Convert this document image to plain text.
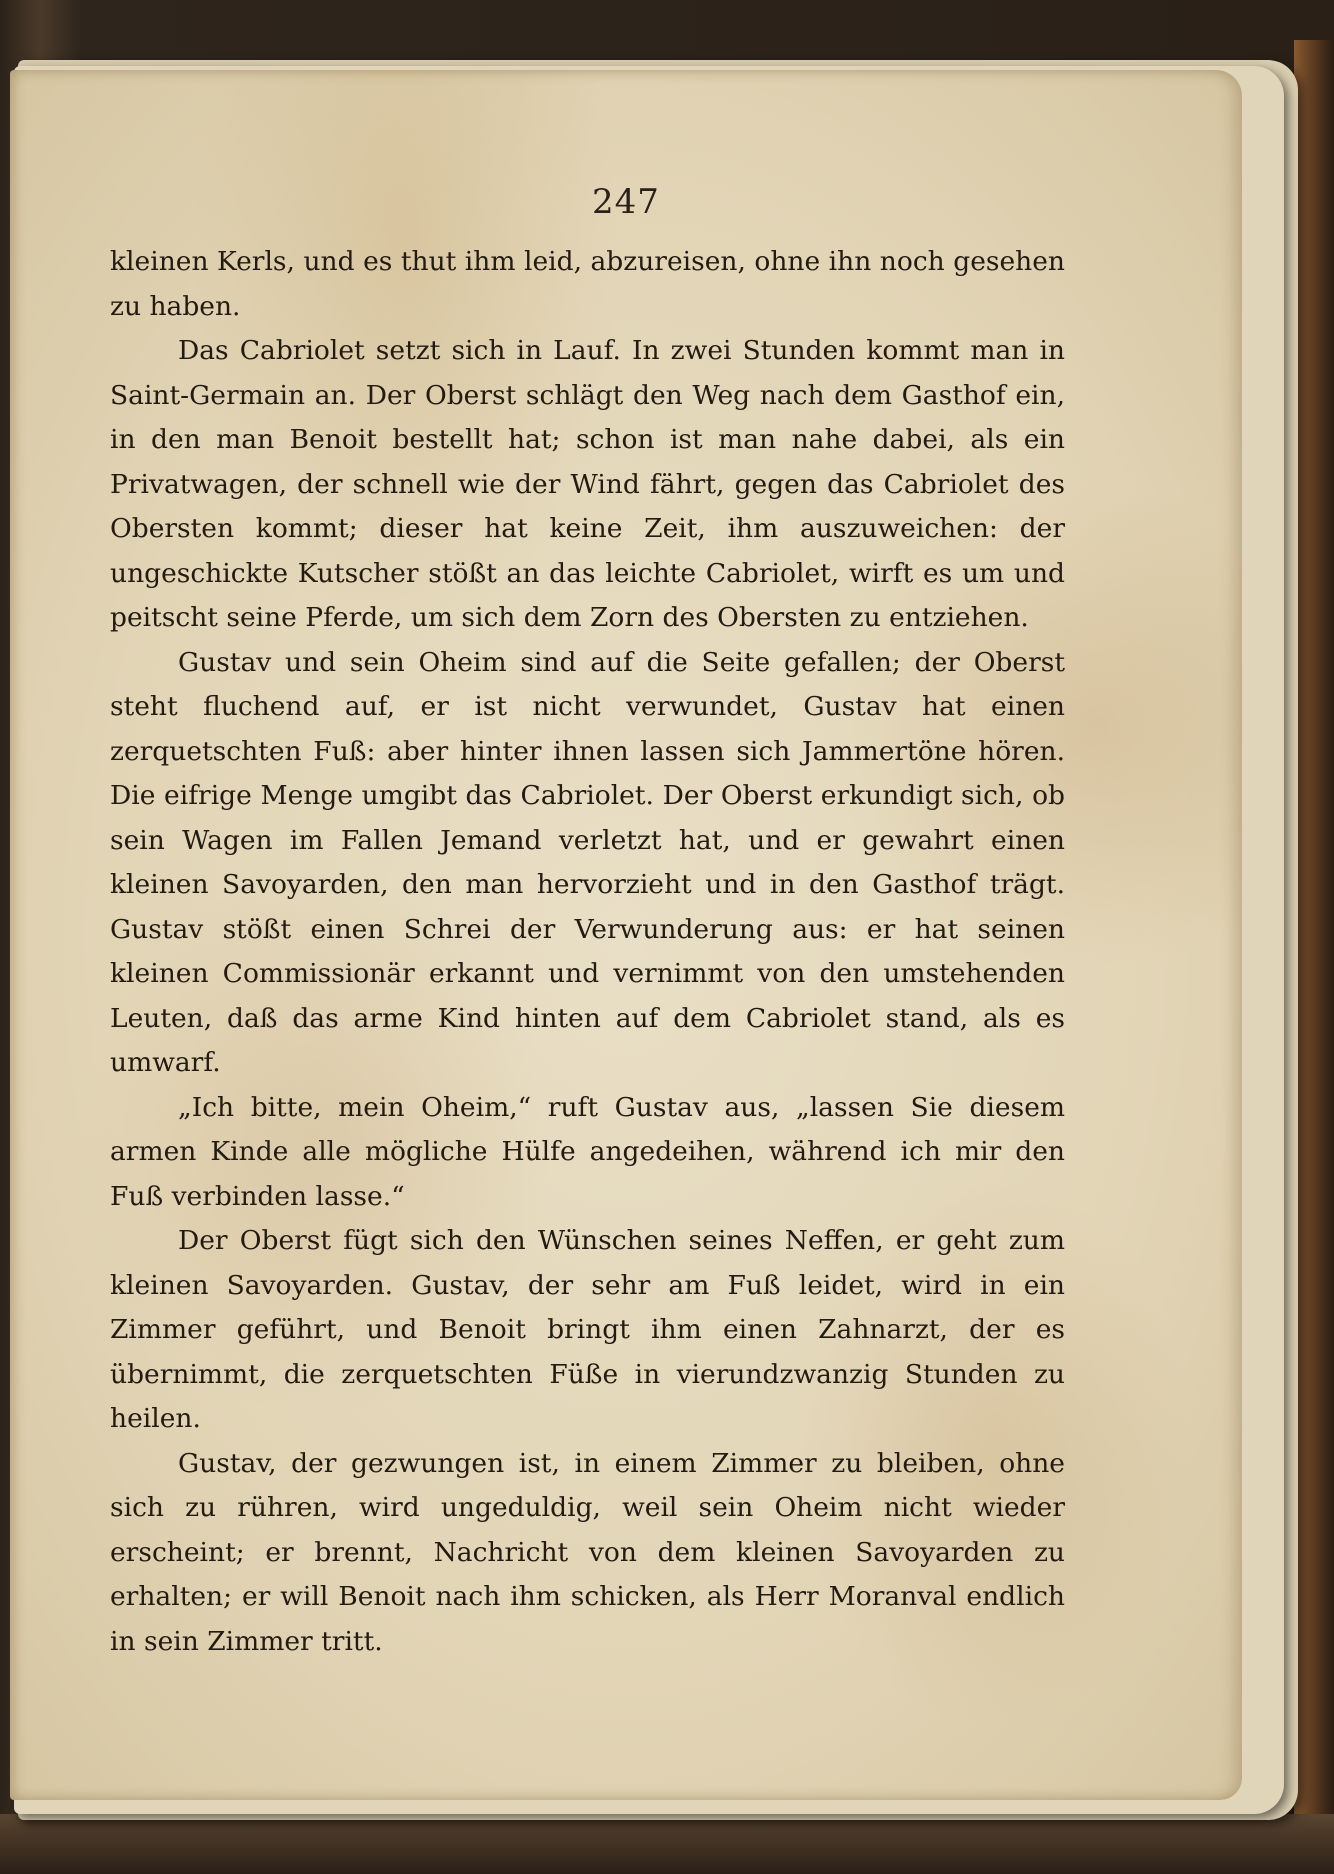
247

kleinen Kerls, und es thut ihm leid, abzureisen, ohne ihn noch gesehen zu haben.

Das Cabriolet setzt sich in Lauf. In zwei Stunden kommt man in Saint-Germain an. Der Oberst schlägt den Weg nach dem Gasthof ein, in den man Benoit bestellt hat; schon ist man nahe dabei, als ein Privatwagen, der schnell wie der Wind fährt, gegen das Cabriolet des Obersten kommt; dieser hat keine Zeit, ihm auszuweichen: der ungeschickte Kutscher stößt an das leichte Cabriolet, wirft es um und peitscht seine Pferde, um sich dem Zorn des Obersten zu entziehen.

Gustav und sein Oheim sind auf die Seite gefallen; der Oberst steht fluchend auf, er ist nicht verwundet, Gustav hat einen zerquetschten Fuß: aber hinter ihnen lassen sich Jammertöne hören. Die eifrige Menge umgibt das Cabriolet. Der Oberst erkundigt sich, ob sein Wagen im Fallen Jemand verletzt hat, und er gewahrt einen kleinen Savoyarden, den man hervorzieht und in den Gasthof trägt. Gustav stößt einen Schrei der Verwunderung aus: er hat seinen kleinen Commissionär erkannt und vernimmt von den umstehenden Leuten, daß das arme Kind hinten auf dem Cabriolet stand, als es umwarf.

„Ich bitte, mein Oheim,“ ruft Gustav aus, „lassen Sie diesem armen Kinde alle mögliche Hülfe angedeihen, während ich mir den Fuß verbinden lasse.“

Der Oberst fügt sich den Wünschen seines Neffen, er geht zum kleinen Savoyarden. Gustav, der sehr am Fuß leidet, wird in ein Zimmer geführt, und Benoit bringt ihm einen Zahnarzt, der es übernimmt, die zerquetschten Füße in vierundzwanzig Stunden zu heilen.

Gustav, der gezwungen ist, in einem Zimmer zu bleiben, ohne sich zu rühren, wird ungeduldig, weil sein Oheim nicht wieder erscheint; er brennt, Nachricht von dem kleinen Savoyarden zu erhalten; er will Benoit nach ihm schicken, als Herr Moranval endlich in sein Zimmer tritt.
